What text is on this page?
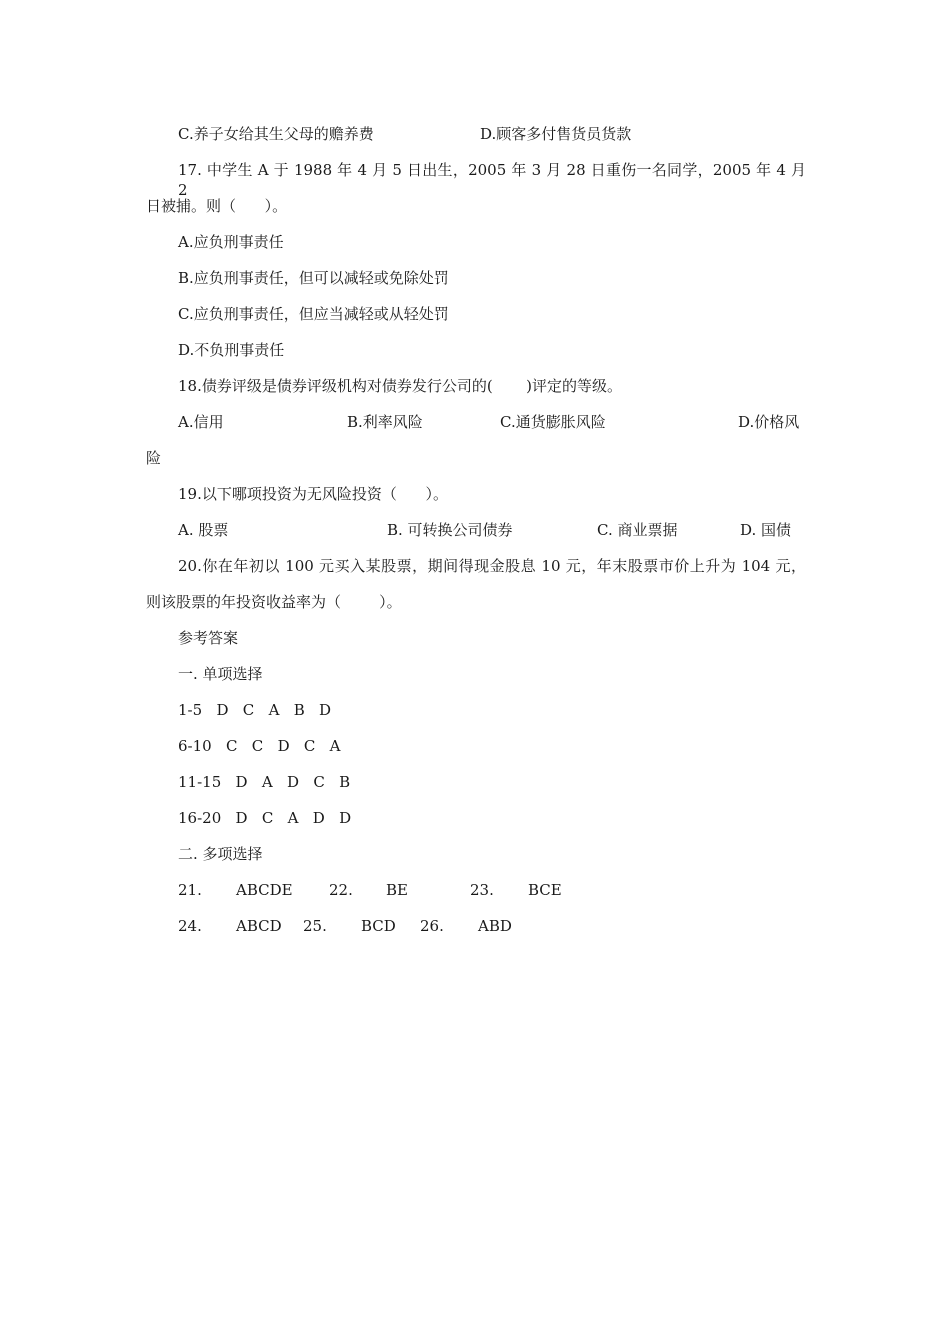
C.养子女给其生父母的赡养费	D.顾客多付售货员货款
17. 中学生 A 于 1988 年 4 月 5 日出生，2005 年 3 月 28 日重伤一名同学，2005 年 4 月 2
日被捕。则（      ）。
A.应负刑事责任
B.应负刑事责任，但可以减轻或免除处罚
C.应负刑事责任，但应当减轻或从轻处罚
D.不负刑事责任
18.债券评级是债券评级机构对债券发行公司的(       )评定的等级。
A.信用	B.利率风险	C.通货膨胀风险	D.价格风
险
19.以下哪项投资为无风险投资（      ）。
A. 股票	B. 可转换公司债券	C. 商业票据	D. 国债
20.你在年初以 100 元买入某股票，期间得现金股息 10 元，年末股票市价上升为 104 元，
则该股票的年投资收益率为（        ）。
参考答案
一. 单项选择
1-5   D   C   A   B   D
6-10   C   C   D   C   A
11-15   D   A   D   C   B
16-20   D   C   A   D   D
二. 多项选择
21. ABCDE 22. BE	23. BCE
24. ABCD 25. BCD 26. ABD
